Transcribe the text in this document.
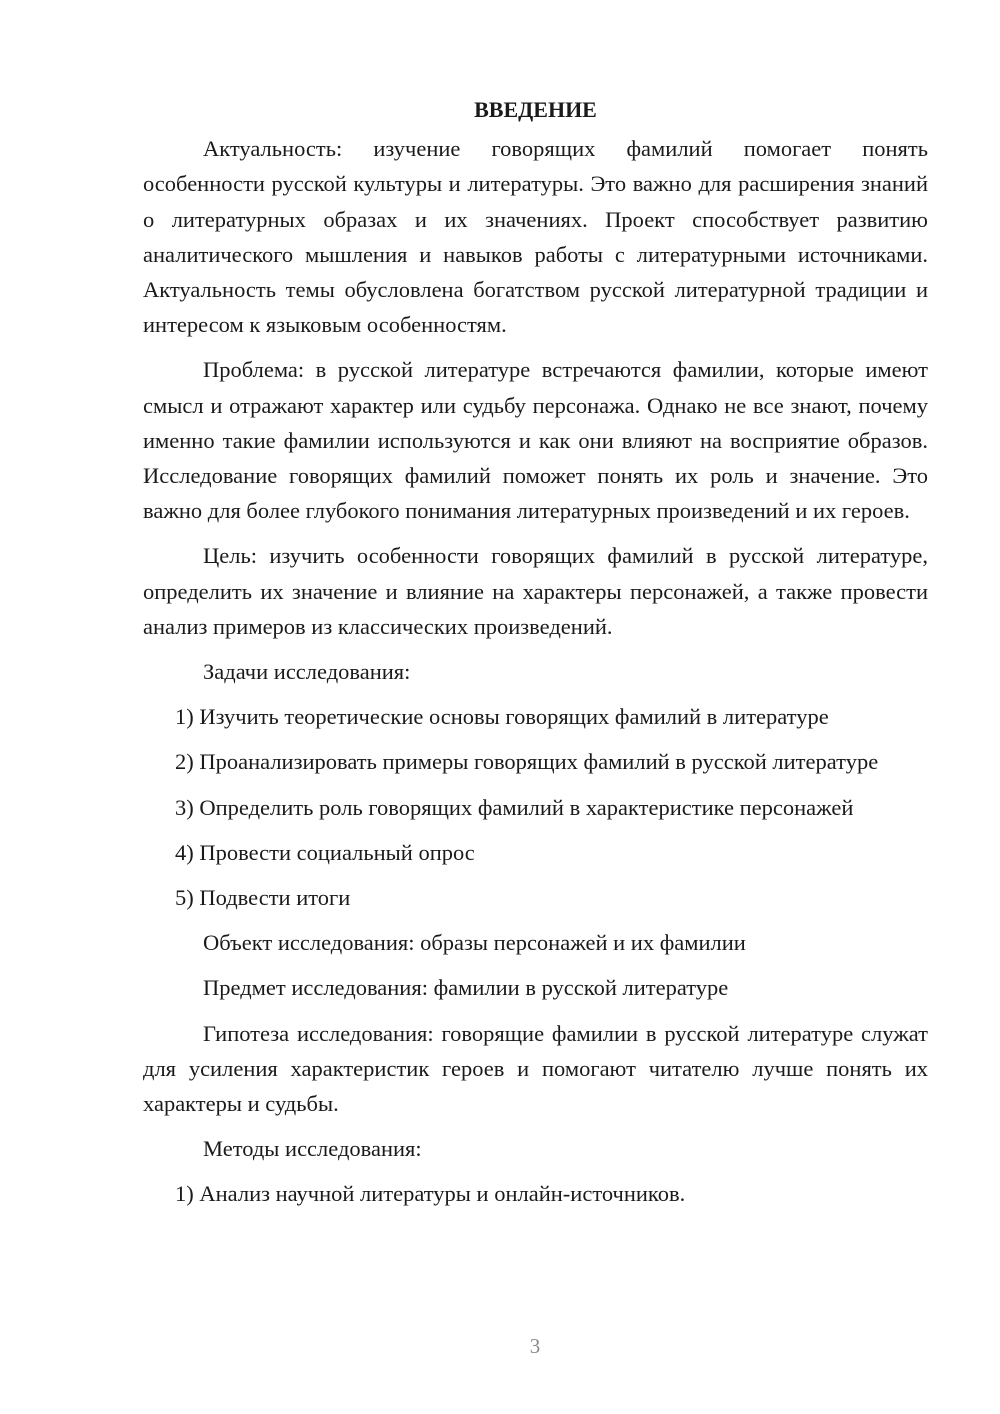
ВВЕДЕНИЕ

Актуальность: изучение говорящих фамилий помогает понять особенности русской культуры и литературы. Это важно для расширения знаний о литературных образах и их значениях. Проект способствует развитию аналитического мышления и навыков работы с литературными источниками. Актуальность темы обусловлена богатством русской литературной традиции и интересом к языковым особенностям.

Проблема: в русской литературе встречаются фамилии, которые имеют смысл и отражают характер или судьбу персонажа. Однако не все знают, почему именно такие фамилии используются и как они влияют на восприятие образов. Исследование говорящих фамилий поможет понять их роль и значение. Это важно для более глубокого понимания литературных произведений и их героев.

Цель: изучить особенности говорящих фамилий в русской литературе, определить их значение и влияние на характеры персонажей, а также провести анализ примеров из классических произведений.

Задачи исследования:

1) Изучить теоретические основы говорящих фамилий в литературе

2) Проанализировать примеры говорящих фамилий в русской литературе

3) Определить роль говорящих фамилий в характеристике персонажей

4) Провести социальный опрос

5) Подвести итоги

Объект исследования: образы персонажей и их фамилии

Предмет исследования: фамилии в русской литературе

Гипотеза исследования: говорящие фамилии в русской литературе служат для усиления характеристик героев и помогают читателю лучше понять их характеры и судьбы.

Методы исследования:

1) Анализ научной литературы и онлайн-источников.

3
